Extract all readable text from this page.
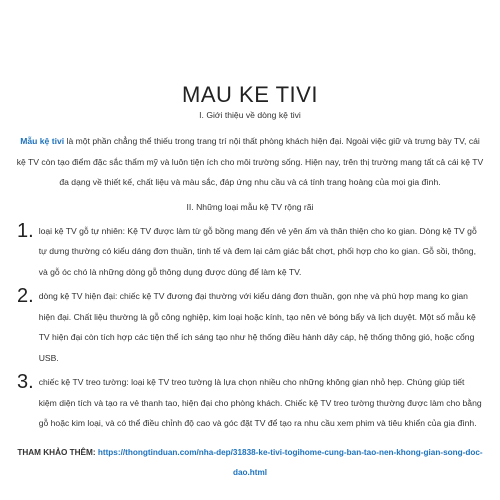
MAU KE TIVI

I. Giới thiệu về dòng kệ tivi

Mẫu kệ tivi là một phần chẳng thể thiếu trong trang trí nội thất phòng khách hiện đại. Ngoài việc giữ và trưng bày TV, cái kệ TV còn tạo điểm đặc sắc thẩm mỹ và luôn tiện ích cho môi trường sống. Hiện nay, trên thị trường mang tất cả cái kệ TV đa dạng về thiết kế, chất liệu và màu sắc, đáp ứng nhu cầu và cá tính trang hoàng của mọi gia đình.

II. Những loại mẫu kệ TV rộng rãi

1. loại kệ TV gỗ tự nhiên: Kệ TV được làm từ gỗ bồng mang đến vẻ yên ấm và thân thiện cho ko gian. Dòng kệ TV gỗ tự dưng thường có kiểu dáng đơn thuần, tinh tế và đem lại cảm giác bắt chợt, phối hợp cho ko gian. Gỗ sồi, thông, và gỗ óc chó là những dòng gỗ thông dụng được dùng để làm kệ TV.
2. dòng kệ TV hiện đại: chiếc kệ TV đương đại thường với kiểu dáng đơn thuần, gọn nhẹ và phù hợp mang ko gian hiện đại. Chất liệu thường là gỗ công nghiệp, kim loại hoặc kính, tạo nên vẻ bóng bẩy và lịch duyệt. Một số mẫu kệ TV hiện đại còn tích hợp các tiện thể ích sáng tạo như hệ thống điều hành dây cáp, hệ thống thông gió, hoặc cổng USB.
3. chiếc kệ TV treo tường: loại kệ TV treo tường là lựa chọn nhiều cho những không gian nhỏ hẹp. Chúng giúp tiết kiệm diện tích và tạo ra vẻ thanh tao, hiện đại cho phòng khách. Chiếc kệ TV treo tường thường được làm cho bằng gỗ hoặc kim loại, và có thể điều chỉnh độ cao và góc đặt TV để tạo ra nhu cầu xem phim và tiêu khiển của gia đình.

THAM KHẢO THÊM: https://thongtinduan.com/nha-dep/31838-ke-tivi-togihome-cung-ban-tao-nen-khong-gian-song-doc-dao.html
